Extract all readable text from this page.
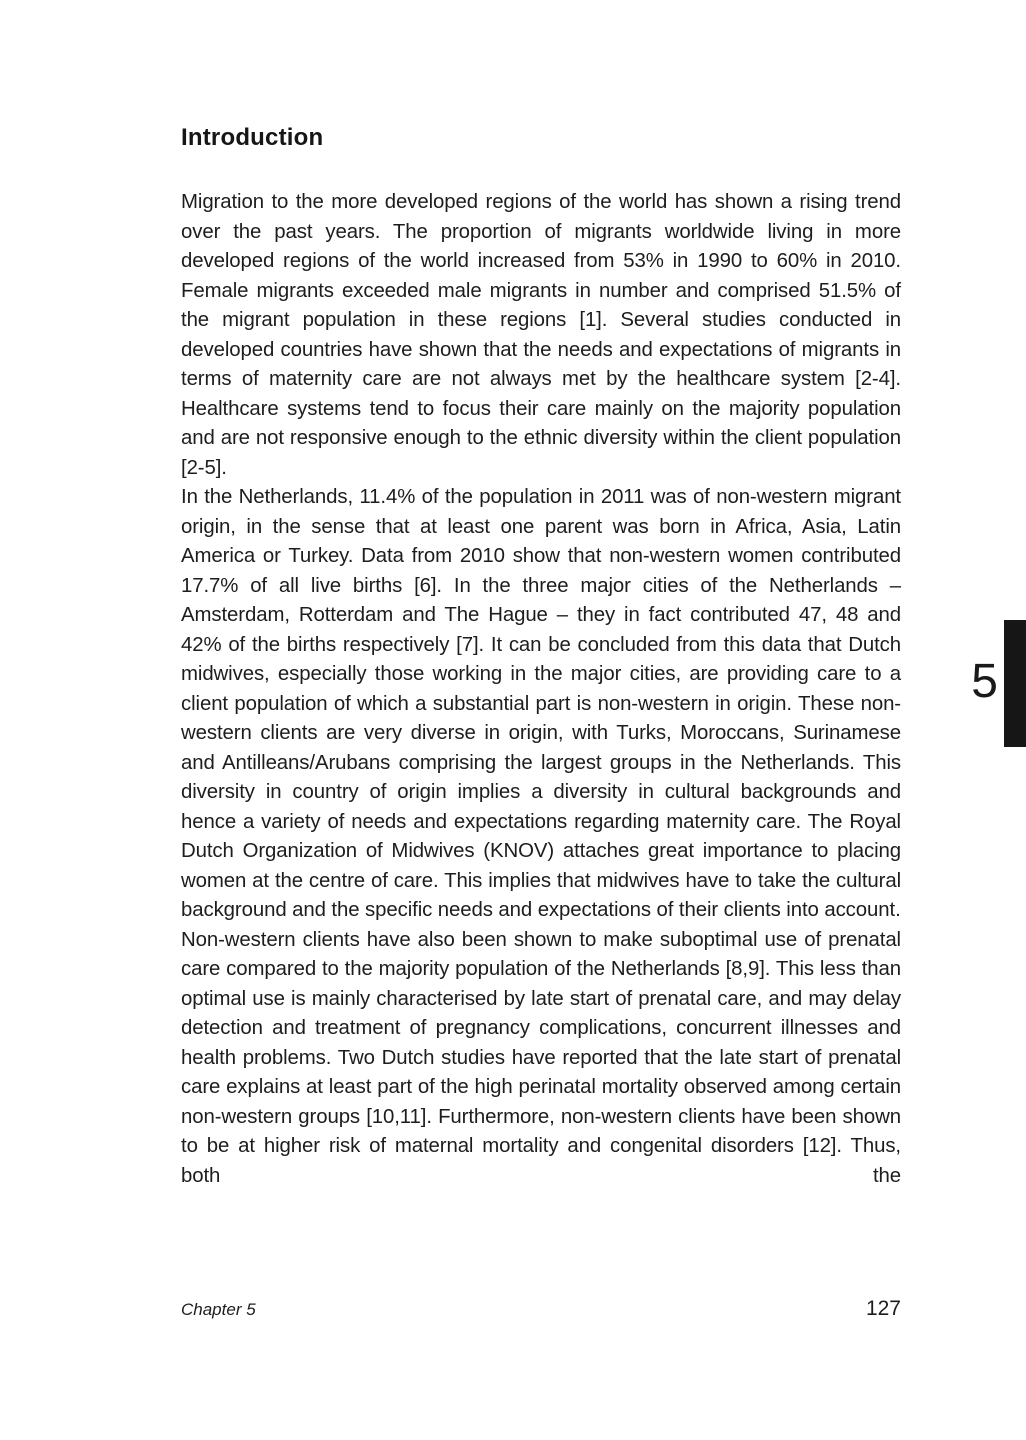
Introduction

Migration to the more developed regions of the world has shown a rising trend over the past years. The proportion of migrants worldwide living in more developed regions of the world increased from 53% in 1990 to 60% in 2010. Female migrants exceeded male migrants in number and comprised 51.5% of the migrant population in these regions [1]. Several studies conducted in developed countries have shown that the needs and expectations of migrants in terms of maternity care are not always met by the healthcare system [2-4]. Healthcare systems tend to focus their care mainly on the majority population and are not responsive enough to the ethnic diversity within the client population [2-5].

In the Netherlands, 11.4% of the population in 2011 was of non-western migrant origin, in the sense that at least one parent was born in Africa, Asia, Latin America or Turkey. Data from 2010 show that non-western women contributed 17.7% of all live births [6]. In the three major cities of the Netherlands – Amsterdam, Rotterdam and The Hague – they in fact contributed 47, 48 and 42% of the births respectively [7]. It can be concluded from this data that Dutch midwives, especially those working in the major cities, are providing care to a client population of which a substantial part is non-western in origin. These non-western clients are very diverse in origin, with Turks, Moroccans, Surinamese and Antilleans/Arubans comprising the largest groups in the Netherlands. This diversity in country of origin implies a diversity in cultural backgrounds and hence a variety of needs and expectations regarding maternity care. The Royal Dutch Organization of Midwives (KNOV) attaches great importance to placing women at the centre of care. This implies that midwives have to take the cultural background and the specific needs and expectations of their clients into account.

Non-western clients have also been shown to make suboptimal use of prenatal care compared to the majority population of the Netherlands [8,9]. This less than optimal use is mainly characterised by late start of prenatal care, and may delay detection and treatment of pregnancy complications, concurrent illnesses and health problems. Two Dutch studies have reported that the late start of prenatal care explains at least part of the high perinatal mortality observed among certain non-western groups [10,11]. Furthermore, non-western clients have been shown to be at higher risk of maternal mortality and congenital disorders [12]. Thus, both the

5
Chapter 5	127
